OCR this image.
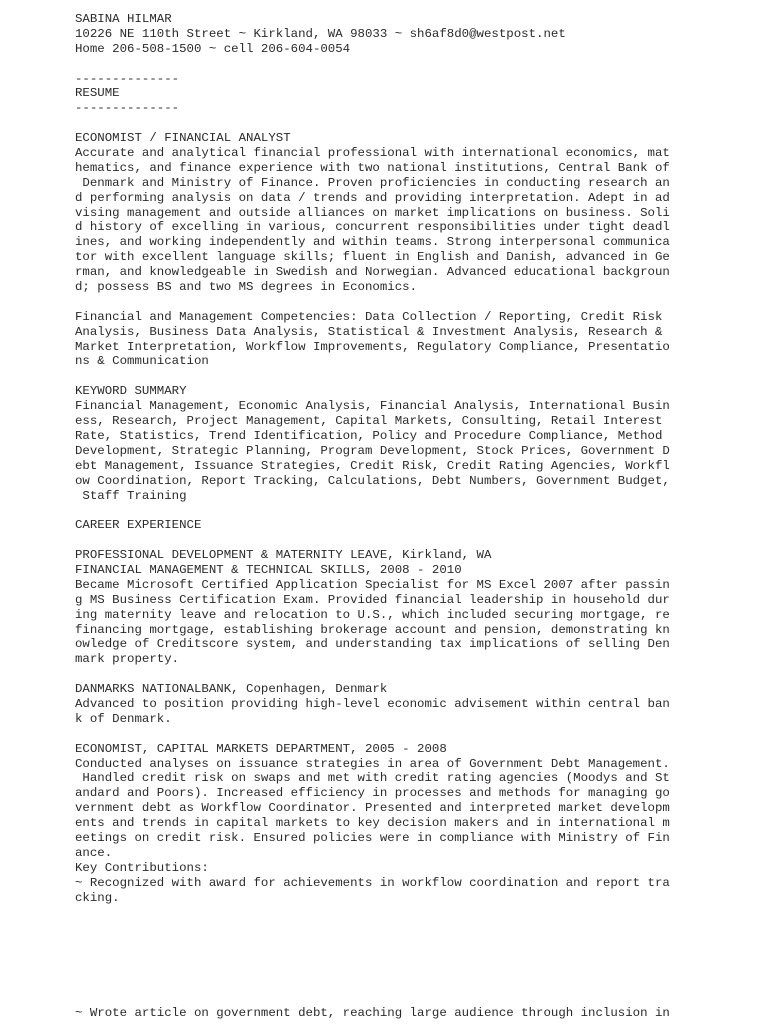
SABINA HILMAR
10226 NE 110th Street ~ Kirkland, WA 98033 ~ sh6af8d0@westpost.net
Home 206-508-1500 ~ cell 206-604-0054
--------------
RESUME
--------------
ECONOMIST / FINANCIAL ANALYST
Accurate and analytical financial professional with international economics, mat
hematics, and finance experience with two national institutions, Central Bank of
Denmark and Ministry of Finance. Proven proficiencies in conducting research an
d performing analysis on data / trends and providing interpretation. Adept in ad
vising management and outside alliances on market implications on business. Soli
d history of excelling in various, concurrent responsibilities under tight deadl
ines, and working independently and within teams. Strong interpersonal communica
tor with excellent language skills; fluent in English and Danish, advanced in Ge
rman, and knowledgeable in Swedish and Norwegian. Advanced educational backgroun
d; possess BS and two MS degrees in Economics.
Financial and Management Competencies: Data Collection / Reporting, Credit Risk
Analysis, Business Data Analysis, Statistical & Investment Analysis, Research &
Market Interpretation, Workflow Improvements, Regulatory Compliance, Presentatio
ns & Communication
KEYWORD SUMMARY
Financial Management, Economic Analysis, Financial Analysis, International Busin
ess, Research, Project Management, Capital Markets, Consulting, Retail Interest
Rate, Statistics, Trend Identification, Policy and Procedure Compliance, Method
Development, Strategic Planning, Program Development, Stock Prices, Government D
ebt Management, Issuance Strategies, Credit Risk, Credit Rating Agencies, Workfl
ow Coordination, Report Tracking, Calculations, Debt Numbers, Government Budget,
Staff Training
CAREER EXPERIENCE
PROFESSIONAL DEVELOPMENT & MATERNITY LEAVE, Kirkland, WA
FINANCIAL MANAGEMENT & TECHNICAL SKILLS, 2008 - 2010
Became Microsoft Certified Application Specialist for MS Excel 2007 after passin
g MS Business Certification Exam. Provided financial leadership in household dur
ing maternity leave and relocation to U.S., which included securing mortgage, re
financing mortgage, establishing brokerage account and pension, demonstrating kn
owledge of Creditscore system, and understanding tax implications of selling Den
mark property.
DANMARKS NATIONALBANK, Copenhagen, Denmark
Advanced to position providing high-level economic advisement within central ban
k of Denmark.
ECONOMIST, CAPITAL MARKETS DEPARTMENT, 2005 - 2008
Conducted analyses on issuance strategies in area of Government Debt Management.
Handled credit risk on swaps and met with credit rating agencies (Moodys and St
andard and Poors). Increased efficiency in processes and methods for managing go
vernment debt as Workflow Coordinator. Presented and interpreted market developm
ents and trends in capital markets to key decision makers and in international m
eetings on credit risk. Ensured policies were in compliance with Ministry of Fin
ance.
Key Contributions:
~ Recognized with award for achievements in workflow coordination and report tra
cking.
~ Wrote article on government debt, reaching large audience through inclusion in
